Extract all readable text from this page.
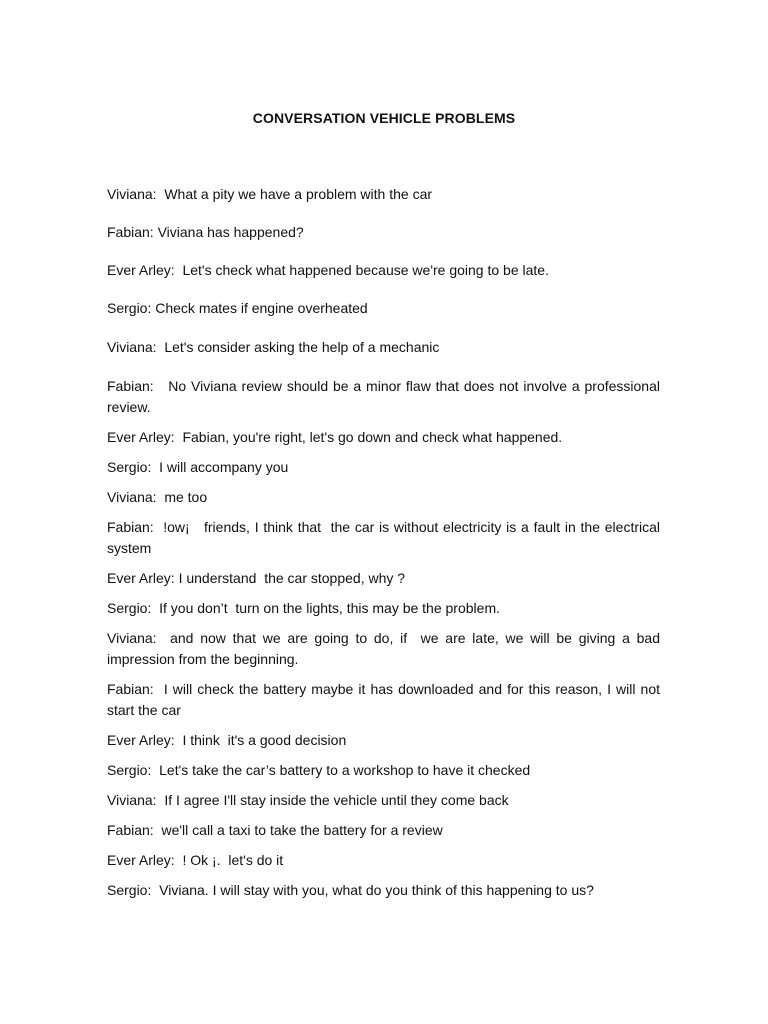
CONVERSATION VEHICLE PROBLEMS

Viviana:  What a pity we have a problem with the car

Fabian: Viviana has happened?

Ever Arley:  Let's check what happened because we're going to be late.

Sergio: Check mates if engine overheated

Viviana:  Let's consider asking the help of a mechanic

Fabian:   No Viviana review should be a minor flaw that does not involve a professional review.

Ever Arley:  Fabian, you're right, let's go down and check what happened.

Sergio:  I will accompany you

Viviana:  me too

Fabian:  !ow¡   friends, I think that  the car is without electricity is a fault in the electrical system

Ever Arley: I understand  the car stopped, why ?

Sergio:  If you don’t  turn on the lights, this may be the problem.

Viviana:  and now that we are going to do, if  we are late, we will be giving a bad impression from the beginning.

Fabian:  I will check the battery maybe it has downloaded and for this reason, I will not start the car

Ever Arley:  I think  it's a good decision

Sergio:  Let's take the car’s battery to a workshop to have it checked

Viviana:  If I agree I'll stay inside the vehicle until they come back

Fabian:  we'll call a taxi to take the battery for a review

Ever Arley:  ! Ok ¡.  let's do it

Sergio:  Viviana. I will stay with you, what do you think of this happening to us?
